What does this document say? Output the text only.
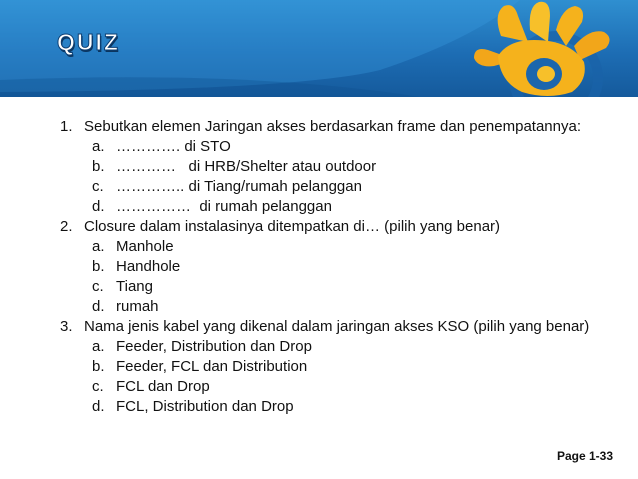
QUIZ
1. Sebutkan elemen Jaringan akses berdasarkan frame dan penempatannya:
a. …………. di STO
b. …………   di HRB/Shelter atau outdoor
c. ………….. di Tiang/rumah pelanggan
d. ……………  di rumah pelanggan
2. Closure dalam instalasinya ditempatkan di… (pilih yang benar)
a. Manhole
b. Handhole
c. Tiang
d. rumah
3. Nama jenis kabel yang dikenal dalam jaringan akses KSO (pilih yang benar)
a. Feeder, Distribution dan Drop
b. Feeder, FCL dan Distribution
c. FCL dan Drop
d. FCL, Distribution dan Drop
Page 1-33
